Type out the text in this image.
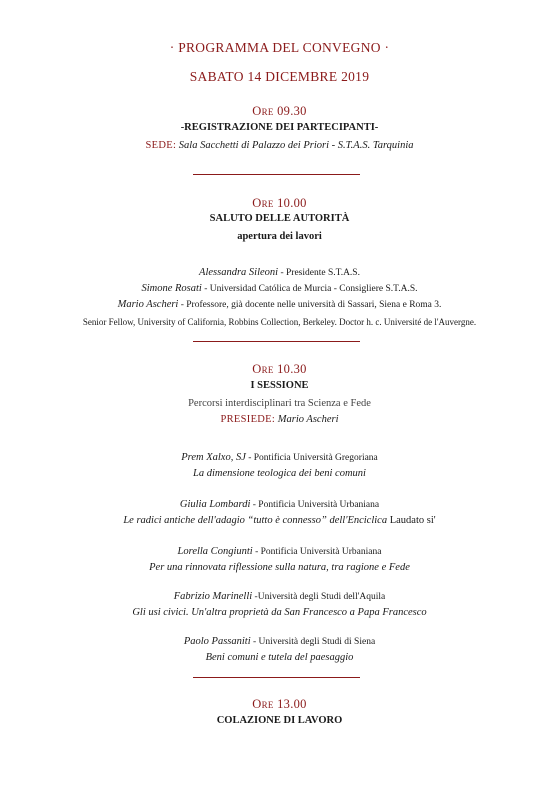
· PROGRAMMA DEL CONVEGNO ·
SABATO 14 DICEMBRE 2019
Ore 09.30
-REGISTRAZIONE DEI PARTECIPANTI-
SEDE: Sala Sacchetti di Palazzo dei Priori - S.T.A.S. Tarquinia
Ore 10.00
SALUTO DELLE AUTORITÀ
apertura dei lavori
Alessandra Sileoni - Presidente S.T.A.S.
Simone Rosati - Universidad Católica de Murcia - Consigliere S.T.A.S.
Mario Ascheri - Professore, già docente nelle università di Sassari, Siena e Roma 3.
Senior Fellow, University of California, Robbins Collection, Berkeley. Doctor h. c. Université de l'Auvergne.
Ore 10.30
I SESSIONE
Percorsi interdisciplinari tra Scienza e Fede
PRESIEDE: Mario Ascheri
Prem Xalxo, SJ - Pontificia Università Gregoriana
La dimensione teologica dei beni comuni
Giulia Lombardi - Pontificia Università Urbaniana
Le radici antiche dell'adagio “tutto è connesso” dell'Enciclica Laudato si'
Lorella Congiunti - Pontificia Università Urbaniana
Per una rinnovata riflessione sulla natura, tra ragione e Fede
Fabrizio Marinelli -Università degli Studi dell'Aquila
Gli usi civici. Un'altra proprietà da San Francesco a Papa Francesco
Paolo Passaniti - Università degli Studi di Siena
Beni comuni e tutela del paesaggio
Ore 13.00
COLAZIONE DI LAVORO
